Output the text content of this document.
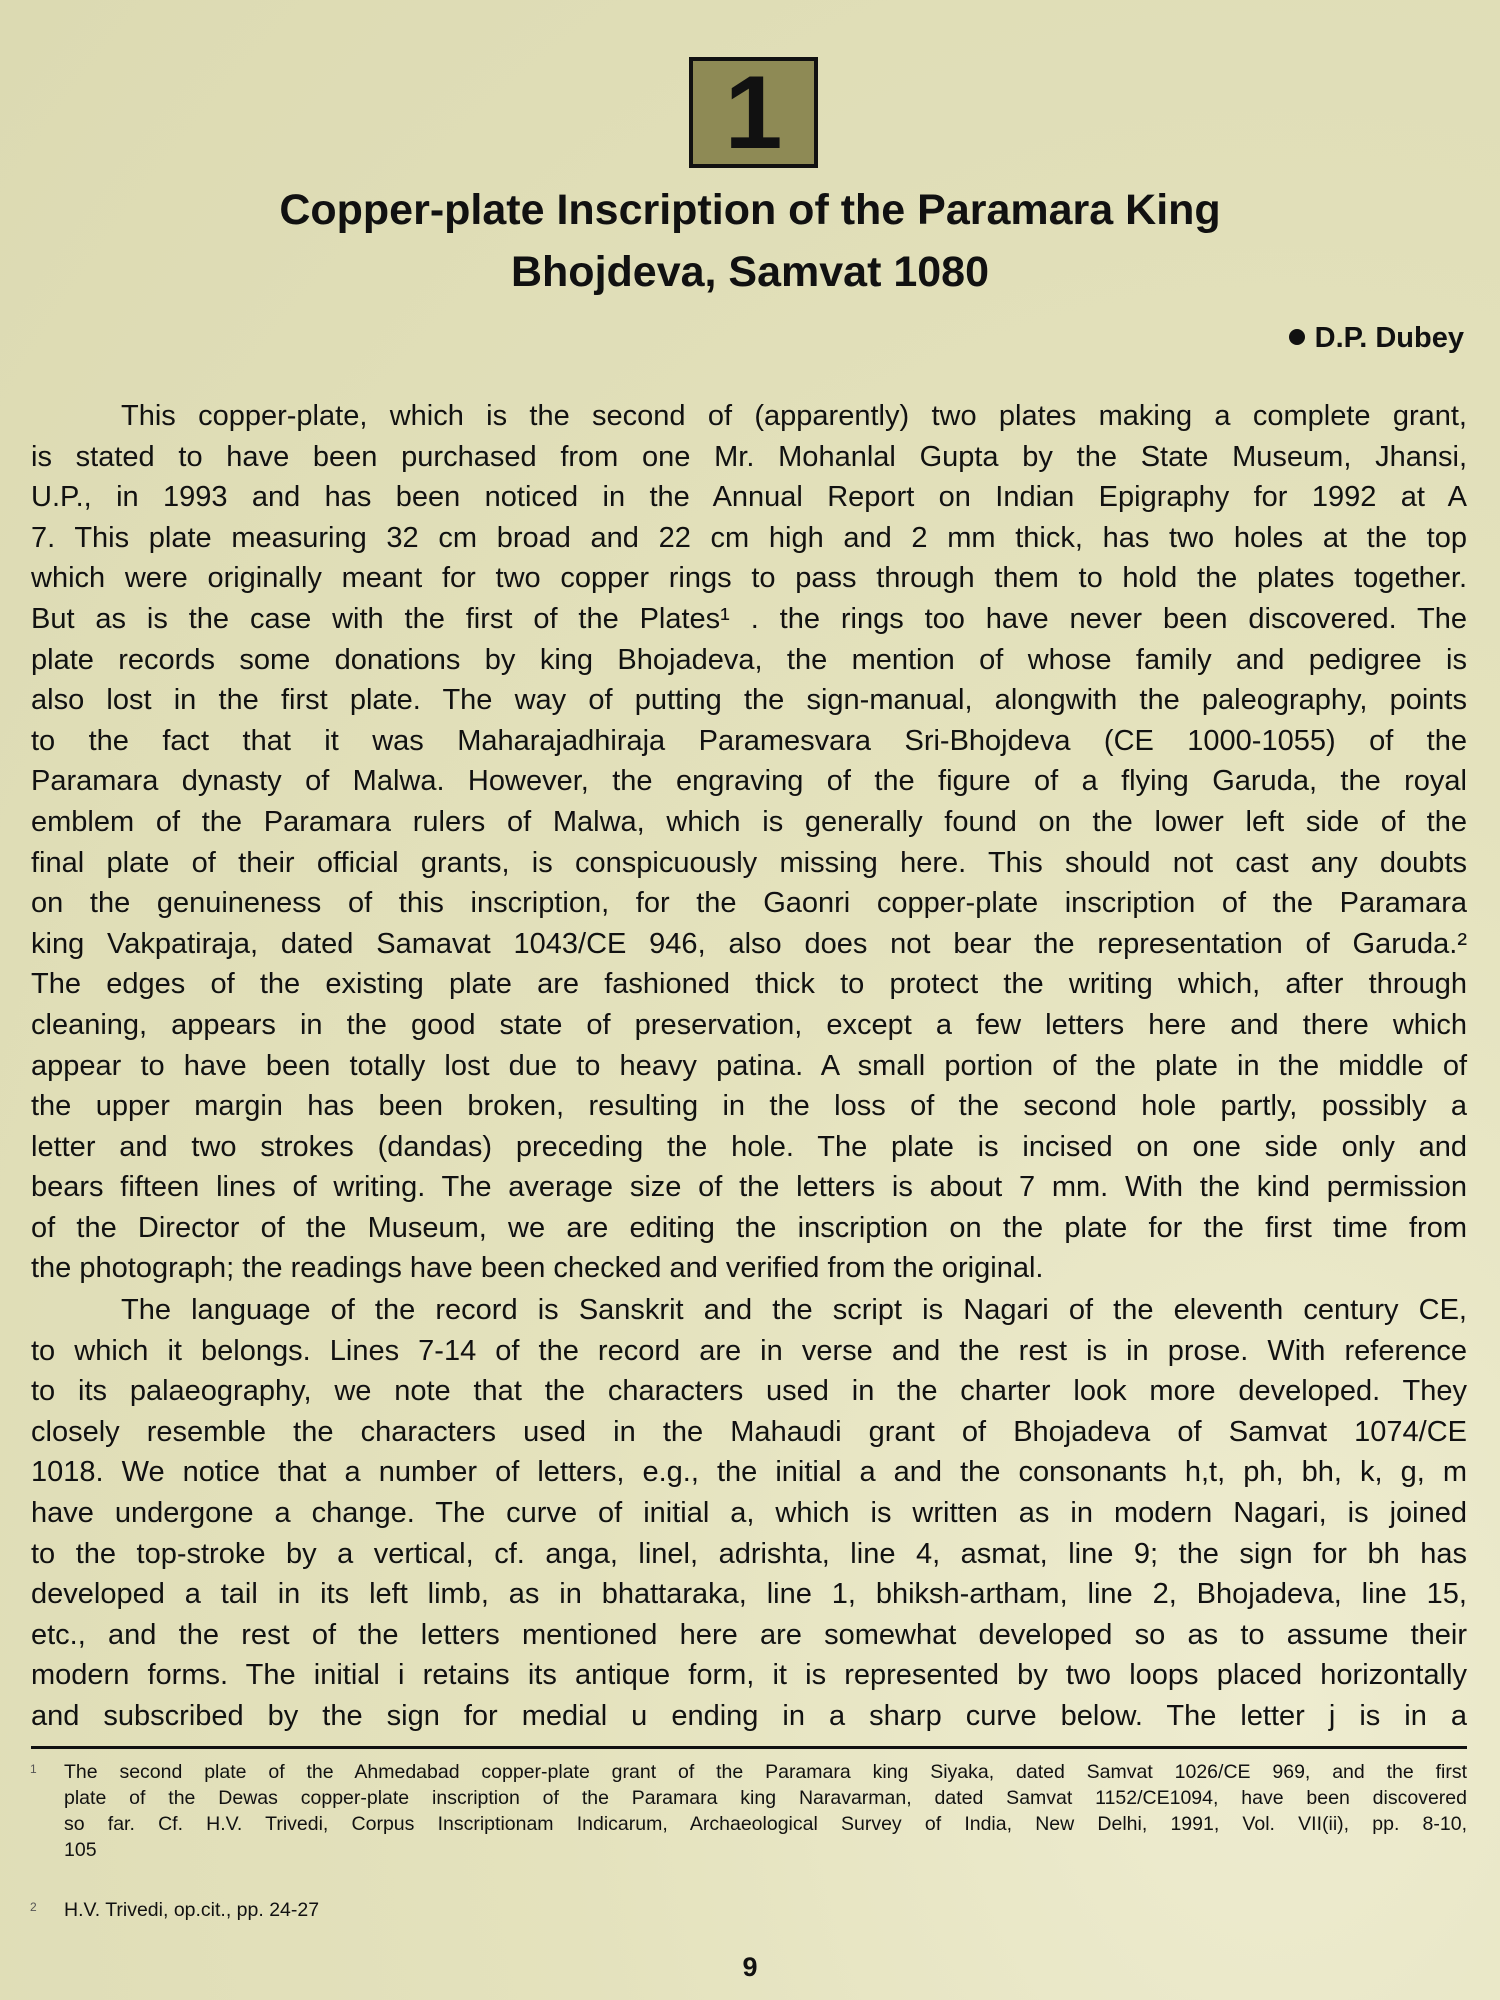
1
Copper-plate Inscription of the Paramara King
Bhojdeva, Samvat 1080
D.P. Dubey
This copper-plate, which is the second of (apparently) two plates making a complete grant,
is stated to have been purchased from one Mr. Mohanlal Gupta by the State Museum, Jhansi,
U.P., in 1993 and has been noticed in the Annual Report on Indian Epigraphy for 1992 at A
7. This plate measuring 32 cm broad and 22 cm high and 2 mm thick, has two holes at the top
which were originally meant for two copper rings to pass through them to hold the plates together.
But as is the case with the first of the Plates¹ . the rings too have never been discovered. The
plate records some donations by king Bhojadeva, the mention of whose family and pedigree is
also lost in the first plate. The way of putting the sign-manual, alongwith the paleography, points
to the fact that it was Maharajadhiraja Paramesvara Sri-Bhojdeva (CE 1000-1055) of the
Paramara dynasty of Malwa. However, the engraving of the figure of a flying Garuda, the royal
emblem of the Paramara rulers of Malwa, which is generally found on the lower left side of the
final plate of their official grants, is conspicuously missing here. This should not cast any doubts
on the genuineness of this inscription, for the Gaonri copper-plate inscription of the Paramara
king Vakpatiraja, dated Samavat 1043/CE 946, also does not bear the representation of Garuda.²
The edges of the existing plate are fashioned thick to protect the writing which, after through
cleaning, appears in the good state of preservation, except a few letters here and there which
appear to have been totally lost due to heavy patina. A small portion of the plate in the middle of
the upper margin has been broken, resulting in the loss of the second hole partly, possibly a
letter and two strokes (dandas) preceding the hole. The plate is incised on one side only and
bears fifteen lines of writing. The average size of the letters is about 7 mm. With the kind permission
of the Director of the Museum, we are editing the inscription on the plate for the first time from
the photograph; the readings have been checked and verified from the original.
The language of the record is Sanskrit and the script is Nagari of the eleventh century CE,
to which it belongs. Lines 7-14 of the record are in verse and the rest is in prose. With reference
to its palaeography, we note that the characters used in the charter look more developed. They
closely resemble the characters used in the Mahaudi grant of Bhojadeva of Samvat 1074/CE
1018. We notice that a number of letters, e.g., the initial a and the consonants h,t, ph, bh, k, g, m
have undergone a change. The curve of initial a, which is written as in modern Nagari, is joined
to the top-stroke by a vertical, cf. anga, linel, adrishta, line 4, asmat, line 9; the sign for bh has
developed a tail in its left limb, as in bhattaraka, line 1, bhiksh-artham, line 2, Bhojadeva, line 15,
etc., and the rest of the letters mentioned here are somewhat developed so as to assume their
modern forms. The initial i retains its antique form, it is represented by two loops placed horizontally
and subscribed by the sign for medial u ending in a sharp curve below. The letter j is in a
1 The second plate of the Ahmedabad copper-plate grant of the Paramara king Siyaka, dated Samvat 1026/CE 969, and the first
plate of the Dewas copper-plate inscription of the Paramara king Naravarman, dated Samvat 1152/CE1094, have been discovered
so far. Cf. H.V. Trivedi, Corpus Inscriptionam Indicarum, Archaeological Survey of India, New Delhi, 1991, Vol. VII(ii), pp. 8-10,
105
2 H.V. Trivedi, op.cit., pp. 24-27
9
